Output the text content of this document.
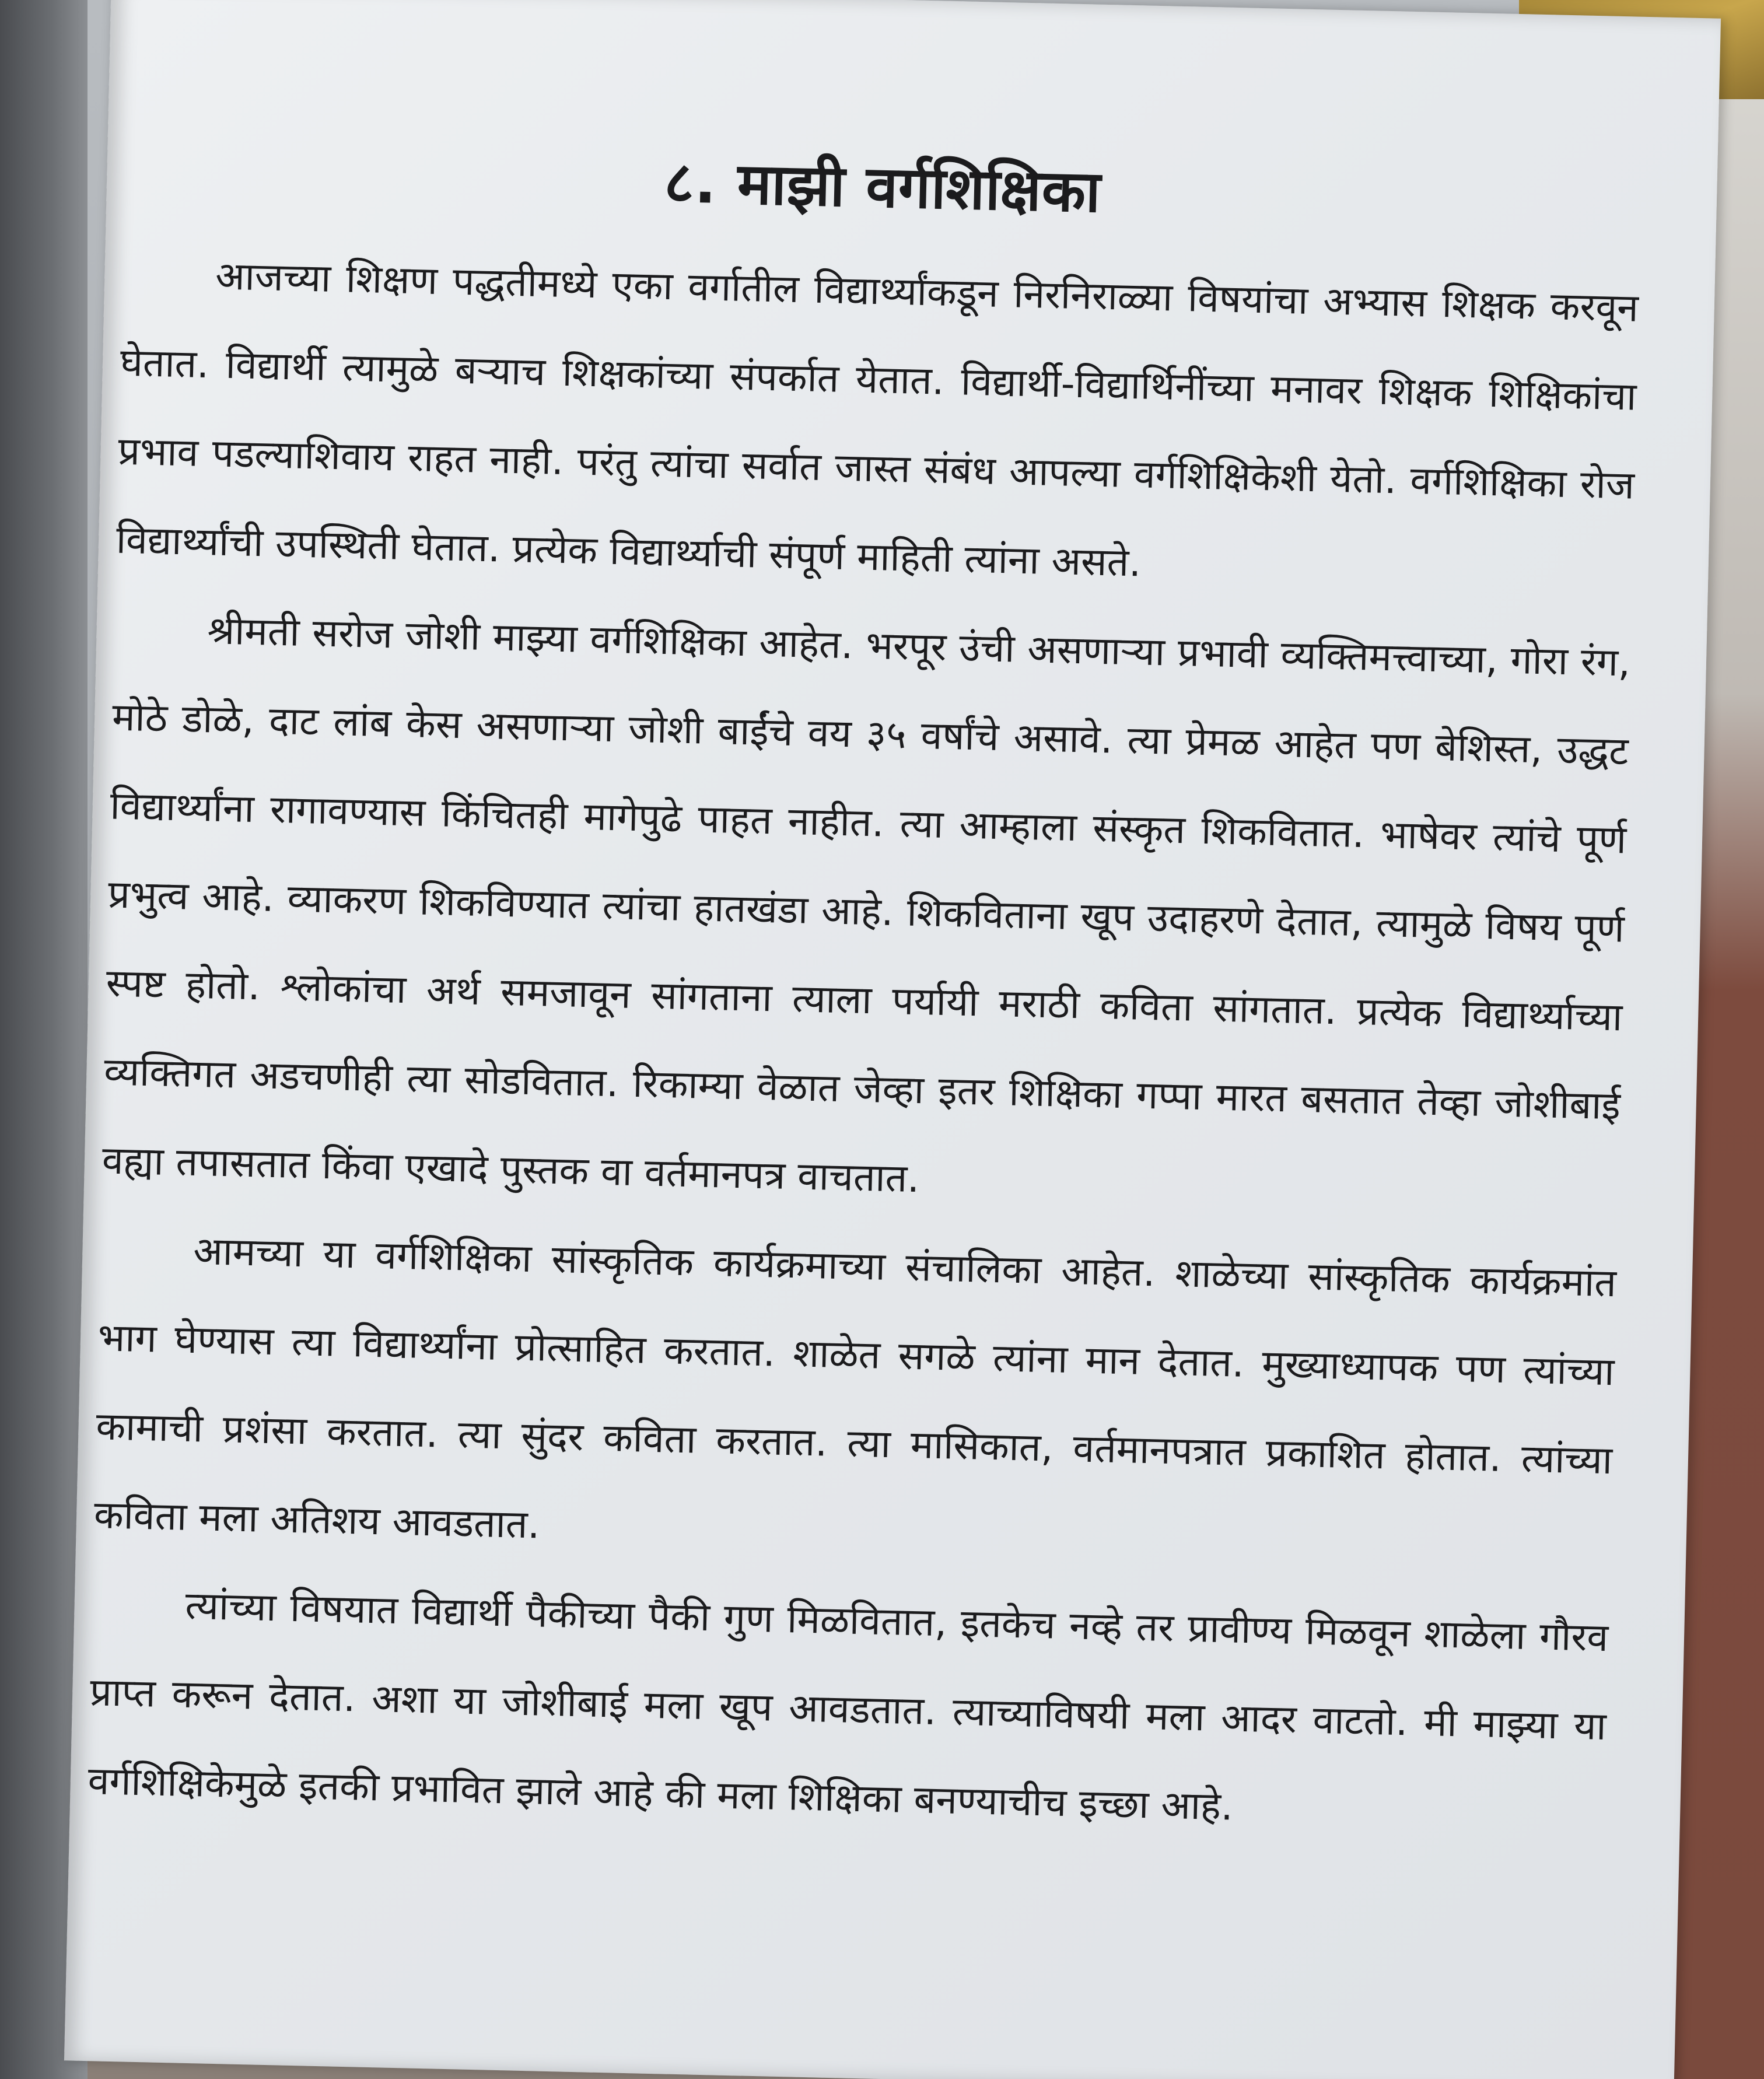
८. माझी वर्गशिक्षिका

आजच्या शिक्षण पद्धतीमध्ये एका वर्गातील विद्यार्थ्यांकडून निरनिराळ्या विषयांचा अभ्यास शिक्षक करवून घेतात. विद्यार्थी त्यामुळे बऱ्याच शिक्षकांच्या संपर्कात येतात. विद्यार्थी-विद्यार्थिनींच्या मनावर शिक्षक शिक्षिकांचा प्रभाव पडल्याशिवाय राहत नाही. परंतु त्यांचा सर्वात जास्त संबंध आपल्या वर्गशिक्षिकेशी येतो. वर्गशिक्षिका रोज विद्यार्थ्यांची उपस्थिती घेतात. प्रत्येक विद्यार्थ्याची संपूर्ण माहिती त्यांना असते.

श्रीमती सरोज जोशी माझ्या वर्गशिक्षिका आहेत. भरपूर उंची असणाऱ्या प्रभावी व्यक्तिमत्त्वाच्या, गोरा रंग, मोठे डोळे, दाट लांब केस असणाऱ्या जोशी बाईंचे वय ३५ वर्षांचे असावे. त्या प्रेमळ आहेत पण बेशिस्त, उद्धट विद्यार्थ्यांना रागावण्यास किंचितही मागेपुढे पाहत नाहीत. त्या आम्हाला संस्कृत शिकवितात. भाषेवर त्यांचे पूर्ण प्रभुत्व आहे. व्याकरण शिकविण्यात त्यांचा हातखंडा आहे. शिकविताना खूप उदाहरणे देतात, त्यामुळे विषय पूर्ण स्पष्ट होतो. श्लोकांचा अर्थ समजावून सांगताना त्याला पर्यायी मराठी कविता सांगतात. प्रत्येक विद्यार्थ्याच्या व्यक्तिगत अडचणीही त्या सोडवितात. रिकाम्या वेळात जेव्हा इतर शिक्षिका गप्पा मारत बसतात तेव्हा जोशीबाई वह्या तपासतात किंवा एखादे पुस्तक वा वर्तमानपत्र वाचतात.

आमच्या या वर्गशिक्षिका सांस्कृतिक कार्यक्रमाच्या संचालिका आहेत. शाळेच्या सांस्कृतिक कार्यक्रमांत भाग घेण्यास त्या विद्यार्थ्यांना प्रोत्साहित करतात. शाळेत सगळे त्यांना मान देतात. मुख्याध्यापक पण त्यांच्या कामाची प्रशंसा करतात. त्या सुंदर कविता करतात. त्या मासिकात, वर्तमानपत्रात प्रकाशित होतात. त्यांच्या कविता मला अतिशय आवडतात.

त्यांच्या विषयात विद्यार्थी पैकीच्या पैकी गुण मिळवितात, इतकेच नव्हे तर प्रावीण्य मिळवून शाळेला गौरव प्राप्त करून देतात. अशा या जोशीबाई मला खूप आवडतात. त्याच्याविषयी मला आदर वाटतो. मी माझ्या या वर्गशिक्षिकेमुळे इतकी प्रभावित झाले आहे की मला शिक्षिका बनण्याचीच इच्छा आहे.
